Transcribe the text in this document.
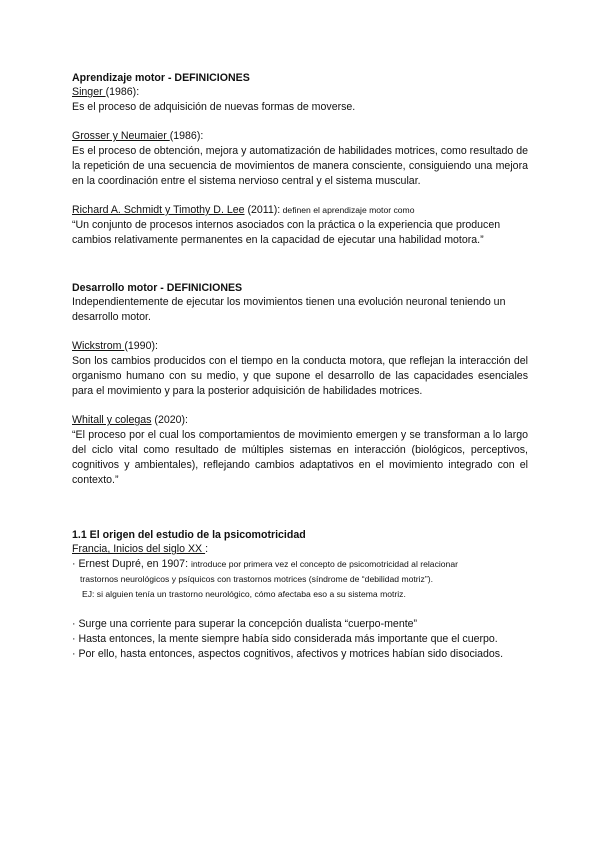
Aprendizaje motor - DEFINICIONES

Singer (1986):

Es el proceso de adquisición de nuevas formas de moverse.

Grosser y Neumaier (1986):

Es el proceso de obtención, mejora y automatización de habilidades motrices, como resultado de la repetición de una secuencia de movimientos de manera consciente, consiguiendo una mejora en la coordinación entre el sistema nervioso central y el sistema muscular.

Richard A. Schmidt y Timothy D. Lee (2011): definen el aprendizaje motor como

“Un conjunto de procesos internos asociados con la práctica o la experiencia que producen cambios relativamente permanentes en la capacidad de ejecutar una habilidad motora.”

Desarrollo motor - DEFINICIONES

Independientemente de ejecutar los movimientos tienen una evolución neuronal teniendo un desarrollo motor.

Wickstrom (1990):

Son los cambios producidos con el tiempo en la conducta motora, que reflejan la interacción del organismo humano con su medio, y que supone el desarrollo de las capacidades esenciales para el movimiento y para la posterior adquisición de habilidades motrices.

Whitall y colegas (2020):

“El proceso por el cual los comportamientos de movimiento emergen y se transforman a lo largo del ciclo vital como resultado de múltiples sistemas en interacción (biológicos, perceptivos, cognitivos y ambientales), reflejando cambios adaptativos en el movimiento integrado con el contexto.”

1.1 El origen del estudio de la psicomotricidad

Francia, Inicios del siglo XX :

· Ernest Dupré, en 1907: introduce por primera vez el concepto de psicomotricidad al relacionar

trastornos neurológicos y psíquicos con trastornos motrices (síndrome de “debilidad motriz”).

EJ: si alguien tenía un trastorno neurológico, cómo afectaba eso a su sistema motriz.

· Surge una corriente para superar la concepción dualista “cuerpo-mente”

· Hasta entonces, la mente siempre había sido considerada más importante que el cuerpo.

· Por ello, hasta entonces, aspectos cognitivos, afectivos y motrices habían sido disociados.
